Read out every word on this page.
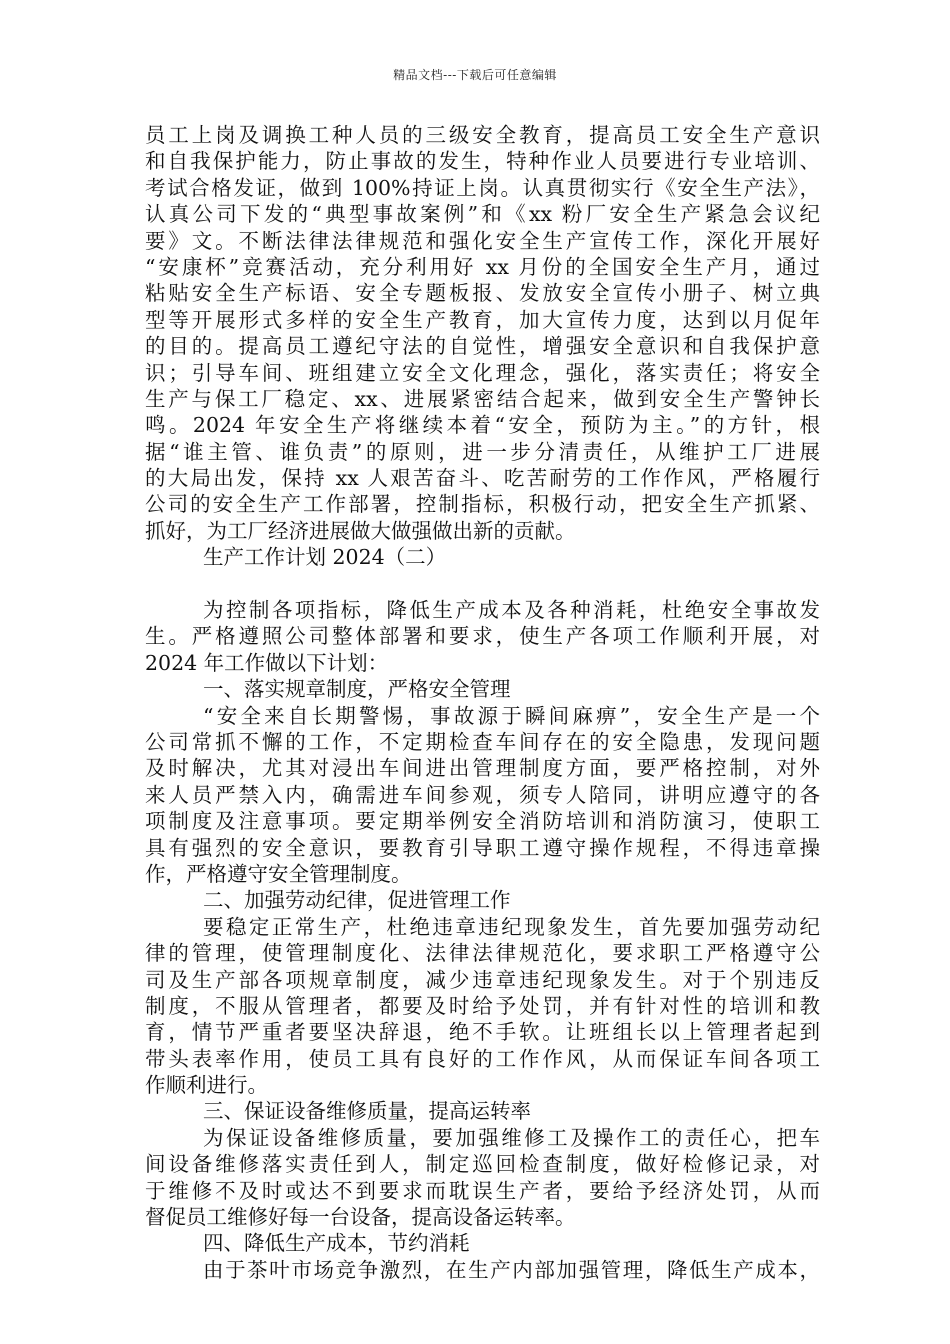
精品文档---下载后可任意编辑
员工上岗及调换工种人员的三级安全教育，提高员工安全生产意识
和自我保护能力，防止事故的发生，特种作业人员要进行专业培训、
考试合格发证，做到 100%持证上岗。认真贯彻实行《安全生产法》，
认真公司下发的“典型事故案例”和《xx 粉厂安全生产紧急会议纪
要》文。不断法律法律规范和强化安全生产宣传工作，深化开展好
“安康杯”竞赛活动，充分利用好 xx 月份的全国安全生产月，通过
粘贴安全生产标语、安全专题板报、发放安全宣传小册子、树立典
型等开展形式多样的安全生产教育，加大宣传力度，达到以月促年
的目的。提高员工遵纪守法的自觉性，增强安全意识和自我保护意
识；引导车间、班组建立安全文化理念，强化，落实责任；将安全
生产与保工厂稳定、xx、进展紧密结合起来，做到安全生产警钟长
鸣。2024 年安全生产将继续本着“安全，预防为主。”的方针，根
据“谁主管、谁负责”的原则，进一步分清责任，从维护工厂进展
的大局出发，保持 xx 人艰苦奋斗、吃苦耐劳的工作作风，严格履行
公司的安全生产工作部署，控制指标，积极行动，把安全生产抓紧、
抓好，为工厂经济进展做大做强做出新的贡献。
生产工作计划 2024（二）
为控制各项指标，降低生产成本及各种消耗，杜绝安全事故发
生。严格遵照公司整体部署和要求，使生产各项工作顺利开展，对
2024 年工作做以下计划：
一、落实规章制度，严格安全管理
“安全来自长期警惕，事故源于瞬间麻痹”，安全生产是一个
公司常抓不懈的工作，不定期检查车间存在的安全隐患，发现问题
及时解决，尤其对浸出车间进出管理制度方面，要严格控制，对外
来人员严禁入内，确需进车间参观，须专人陪同，讲明应遵守的各
项制度及注意事项。要定期举例安全消防培训和消防演习，使职工
具有强烈的安全意识，要教育引导职工遵守操作规程，不得违章操
作，严格遵守安全管理制度。
二、加强劳动纪律，促进管理工作
要稳定正常生产，杜绝违章违纪现象发生，首先要加强劳动纪
律的管理，使管理制度化、法律法律规范化，要求职工严格遵守公
司及生产部各项规章制度，减少违章违纪现象发生。对于个别违反
制度，不服从管理者，都要及时给予处罚，并有针对性的培训和教
育，情节严重者要坚决辞退，绝不手软。让班组长以上管理者起到
带头表率作用，使员工具有良好的工作作风，从而保证车间各项工
作顺利进行。
三、保证设备维修质量，提高运转率
为保证设备维修质量，要加强维修工及操作工的责任心，把车
间设备维修落实责任到人，制定巡回检查制度，做好检修记录，对
于维修不及时或达不到要求而耽误生产者，要给予经济处罚，从而
督促员工维修好每一台设备，提高设备运转率。
四、降低生产成本，节约消耗
由于茶叶市场竞争激烈，在生产内部加强管理，降低生产成本，
